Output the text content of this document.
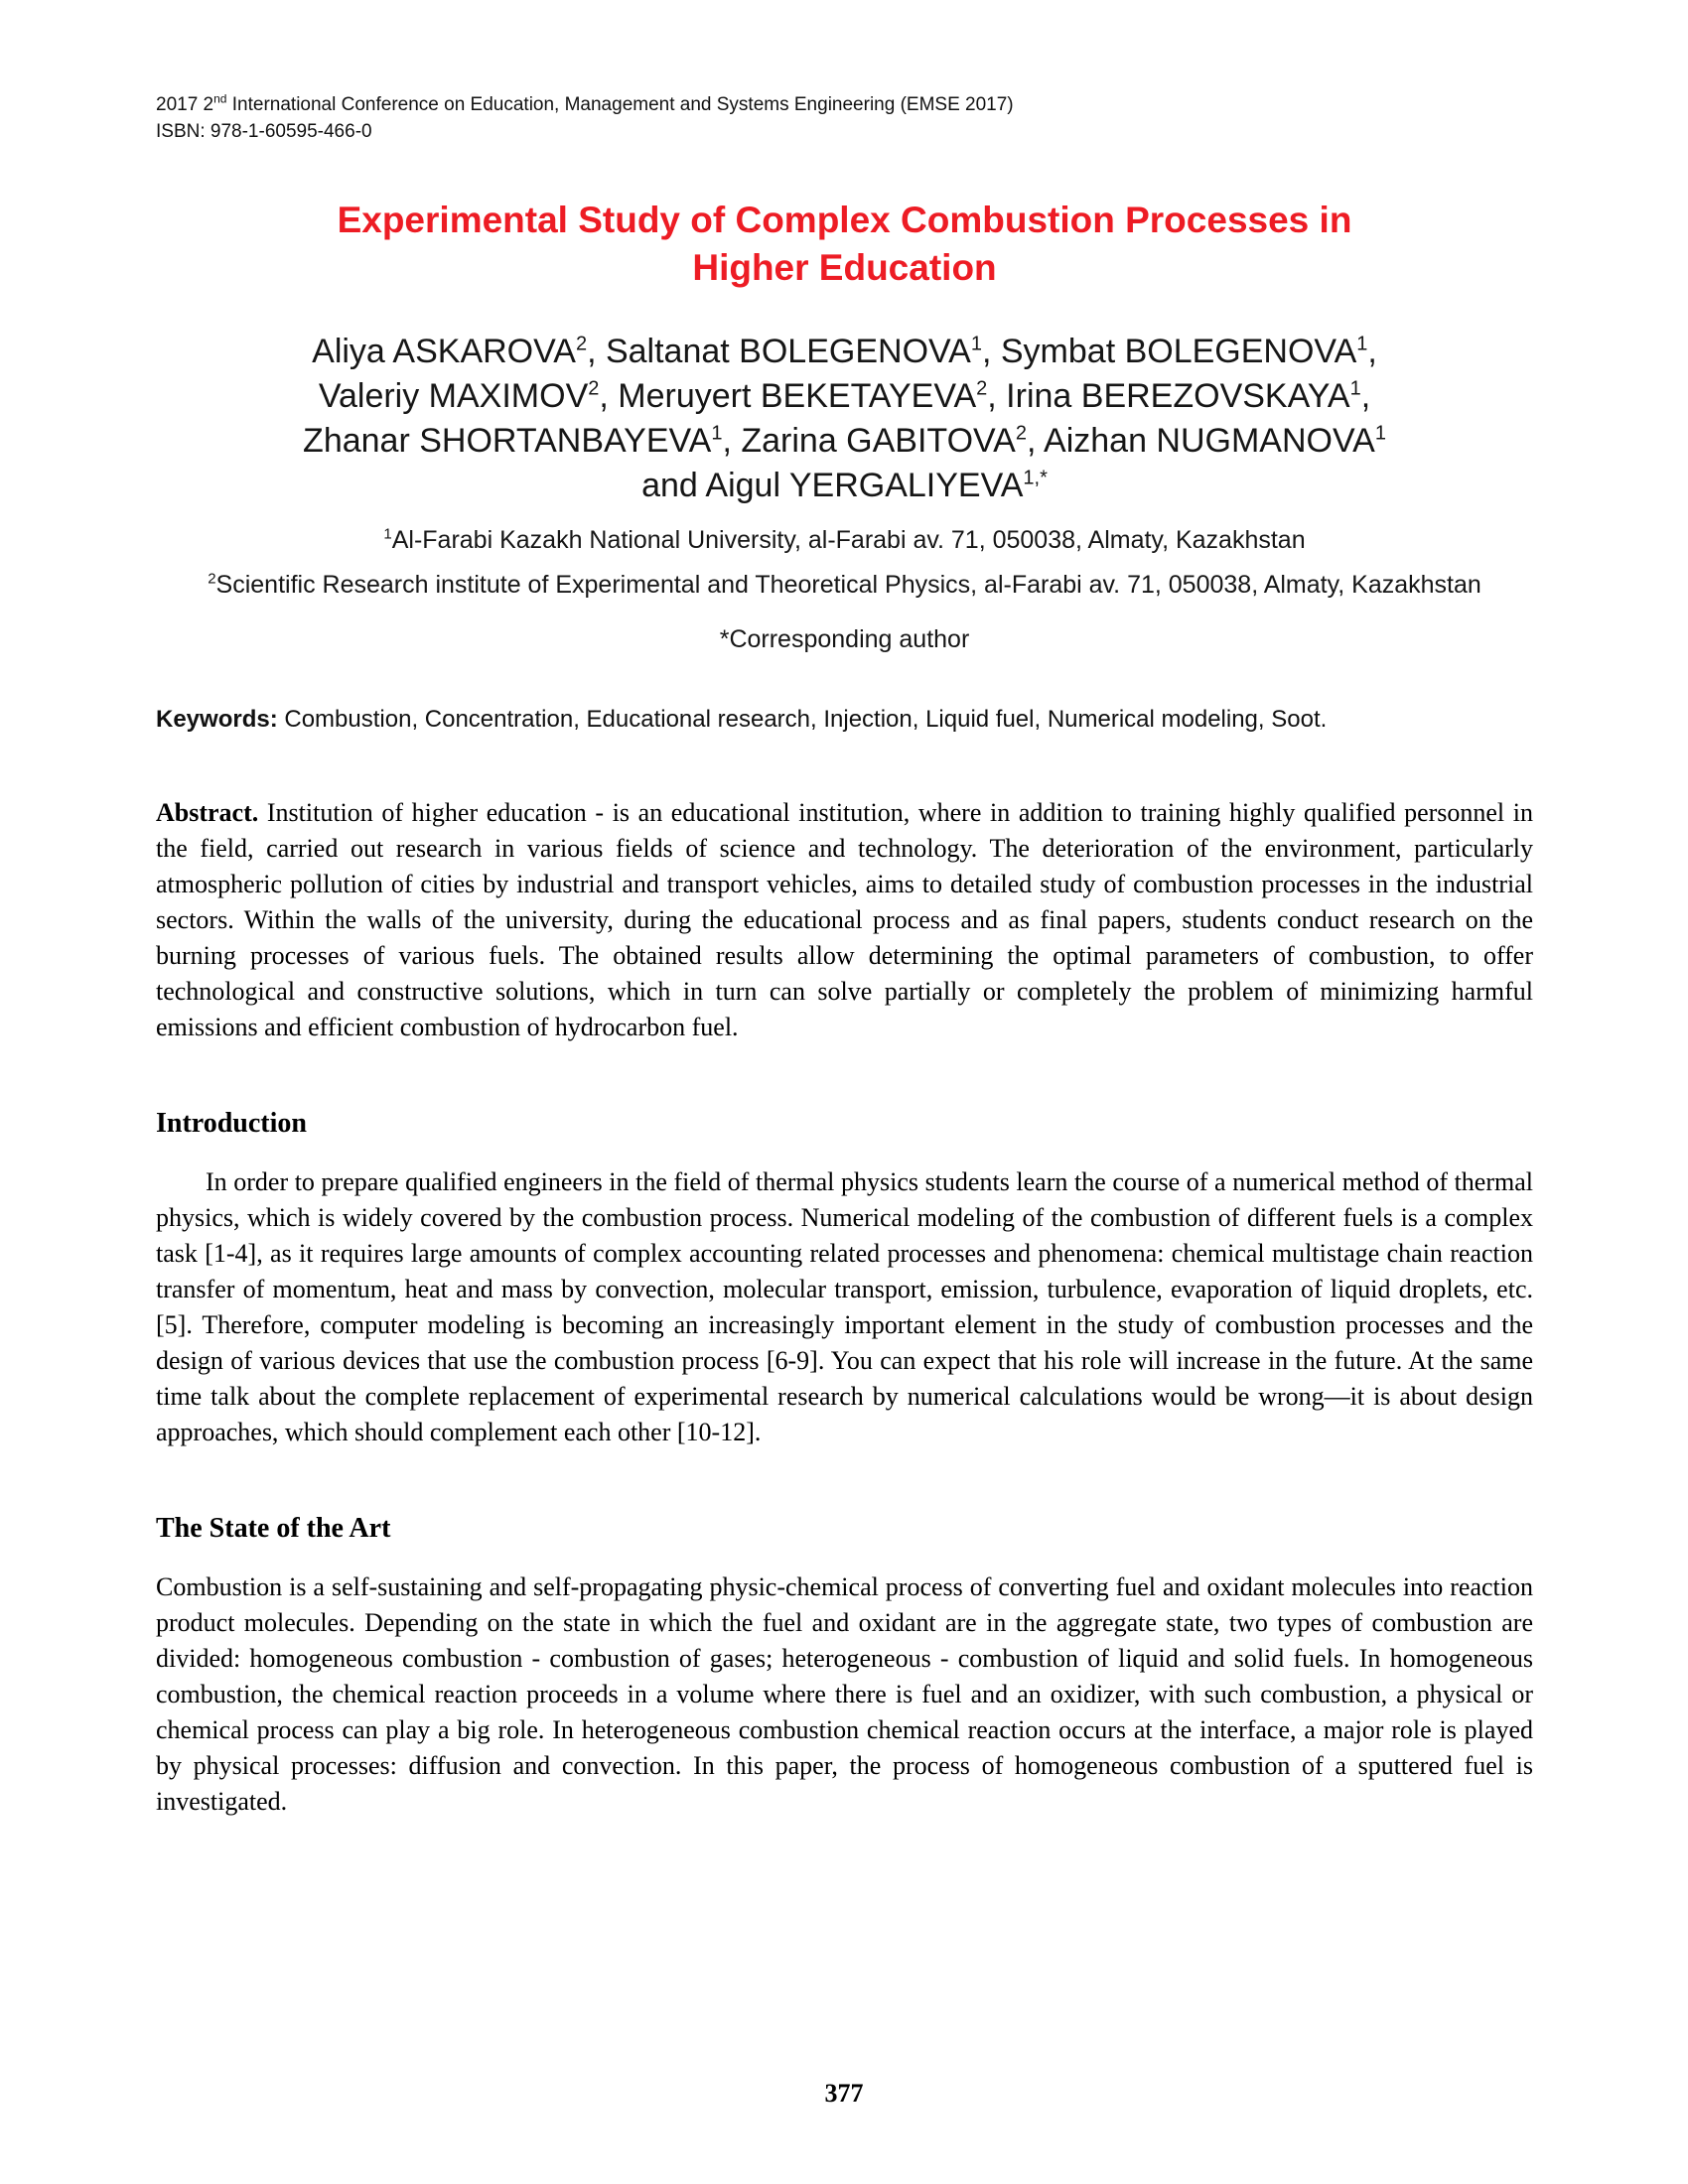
2017 2nd International Conference on Education, Management and Systems Engineering (EMSE 2017)
ISBN: 978-1-60595-466-0
Experimental Study of Complex Combustion Processes in
Higher Education
Aliya ASKAROVA$^2$, Saltanat BOLEGENOVA$^1$, Symbat BOLEGENOVA$^1$,
Valeriy MAXIMOV$^2$, Meruyert BEKETAYEVA$^2$, Irina BEREZOVSKAYA$^1$,
Zhanar SHORTANBAYEVA$^1$, Zarina GABITOVA$^2$, Aizhan NUGMANOVA$^1$
and Aigul $YERGALIYEVA^{1,*}$
$^1$Al-Farabi Kazakh National University, al-Farabi av. 71, 050038, Almaty, Kazakhstan
$^2$Scientific Research institute of Experimental and Theoretical Physics, al-Farabi av. 71, 050038, Almaty, Kazakhstan
*Corresponding author
Keywords: Combustion, Concentration, Educational research, Injection, Liquid fuel, Numerical modeling, Soot.
Abstract. Institution of higher education - is an educational institution, where in addition to training highly qualified personnel in the field, carried out research in various fields of science and technology. The deterioration of the environment, particularly atmospheric pollution of cities by industrial and transport vehicles, aims to detailed study of combustion processes in the industrial sectors. Within the walls of the university, during the educational process and as final papers, students conduct research on the burning processes of various fuels. The obtained results allow determining the optimal parameters of combustion, to offer technological and constructive solutions, which in turn can solve partially or completely the problem of minimizing harmful emissions and efficient combustion of hydrocarbon fuel.
Introduction
In order to prepare qualified engineers in the field of thermal physics students learn the course of a numerical method of thermal physics, which is widely covered by the combustion process. Numerical modeling of the combustion of different fuels is a complex task [1-4], as it requires large amounts of complex accounting related processes and phenomena: chemical multistage chain reaction transfer of momentum, heat and mass by convection, molecular transport, emission, turbulence, evaporation of liquid droplets, etc. [5]. Therefore, computer modeling is becoming an increasingly important element in the study of combustion processes and the design of various devices that use the combustion process [6-9]. You can expect that his role will increase in the future. At the same time talk about the complete replacement of experimental research by numerical calculations would be wrong—it is about design approaches, which should complement each other [10-12].
The State of the Art
Combustion is a self-sustaining and self-propagating physic-chemical process of converting fuel and oxidant molecules into reaction product molecules. Depending on the state in which the fuel and oxidant are in the aggregate state, two types of combustion are divided: homogeneous combustion - combustion of gases; heterogeneous - combustion of liquid and solid fuels. In homogeneous combustion, the chemical reaction proceeds in a volume where there is fuel and an oxidizer, with such combustion, a physical or chemical process can play a big role. In heterogeneous combustion chemical reaction occurs at the interface, a major role is played by physical processes: diffusion and convection. In this paper, the process of homogeneous combustion of a sputtered fuel is investigated.
377
